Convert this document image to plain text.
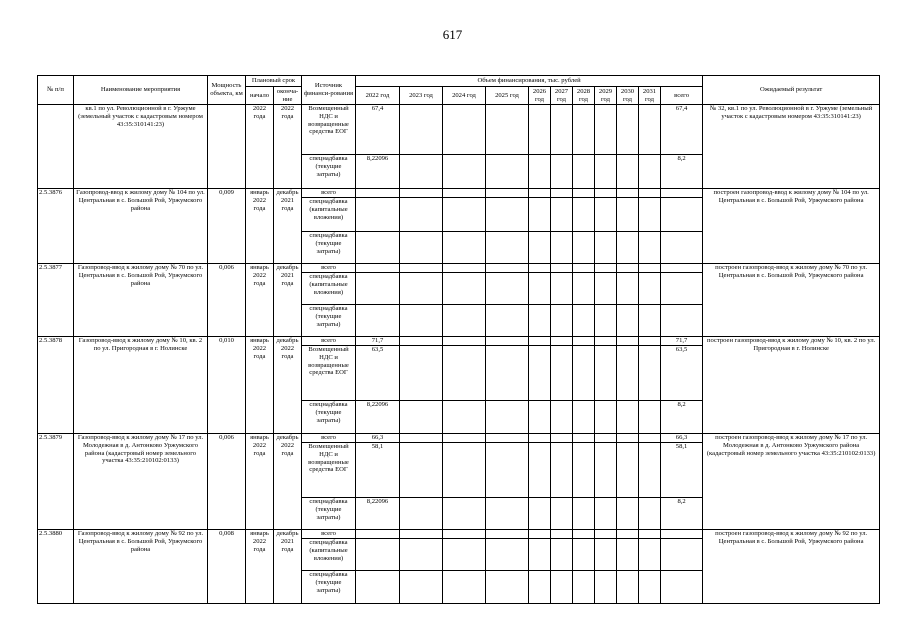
617
№ п/п	Наименование мероприятия	Мощность объекта, км	Плановый срок		Источник финанси-рования	Объем финансирования, тыс. рублей											Ожидаемый результат
			начало	оконча-ние		2022 год	2023 год	2024 год	2025 год	2026 год	2027 год	2028 год	2029 год	2030 год	2031 год	всего	

	кв.1 по ул. Революционной в г. Уржуме (земельный участок с кадастровым номером 43:35:310141:23)		2022 года	2022 года	Возмещенный НДС и возвращенные средства ЕОГ	67,4										67,4	№ 32, кв.1 по ул. Революционной в г. Уржуме (земельный участок с кадастровым номером 43:35:310141:23)
					спецнадбавка (текущие затраты)	8,22096										8,2	
2.5.3876	Газопровод-ввод к жилому дому № 104 по ул. Центральная в с. Большой Рой, Уржумского района	0,009	январь 2022 года	декабрь 2021 года	всего												построен газопровод-ввод к жилому дому № 104 по ул. Центральная в с. Большой Рой, Уржумского района
					спецнадбавка (капитальные вложения)												
					спецнадбавка (текущие затраты)												
2.5.3877	Газопровод-ввод к жилому дому № 70 по ул. Центральная в с. Большой Рой, Уржумского района	0,006	январь 2022 года	декабрь 2021 года	всего												построен газопровод-ввод к жилому дому № 70 по ул. Центральная в с. Большой Рой, Уржумского района
					спецнадбавка (капитальные вложения)												
					спецнадбавка (текущие затраты)												
2.5.3878	Газопровод-ввод к жилому дому № 10, кв. 2 по ул. Пригородная в г. Нолинске	0,010	январь 2022 года	декабрь 2022 года	всего	71,7										71,7	построен газопровод-ввод к жилому дому № 10, кв. 2 по ул. Пригородная в г. Нолинске
					Возмещенный НДС и возвращенные средства ЕОГ	63,5										63,5	
					спецнадбавка (текущие затраты)	8,22096										8,2	
2.5.3879	Газопровод-ввод к жилому дому № 17 по ул. Молодежная в д. Антонково Уржумского района (кадастровый номер земельного участка 43:35:210102:0133)	0,006	январь 2022 года	декабрь 2022 года	всего	66,3										66,3	построен газопровод-ввод к жилому дому № 17 по ул. Молодежная в д. Антонково Уржумского района (кадастровый номер земельного участка 43:35:210102:0133)
					Возмещенный НДС и возвращенные средства ЕОГ	58,1										58,1	
					спецнадбавка (текущие затраты)	8,22096										8,2	
2.5.3880	Газопровод-ввод к жилому дому № 92 по ул. Центральная в с. Большой Рой, Уржумского района	0,008	январь 2022 года	декабрь 2021 года	всего												построен газопровод-ввод к жилому дому № 92 по ул. Центральная в с. Большой Рой, Уржумского района
					спецнадбавка (капитальные вложения)												
					спецнадбавка (текущие затраты)												
